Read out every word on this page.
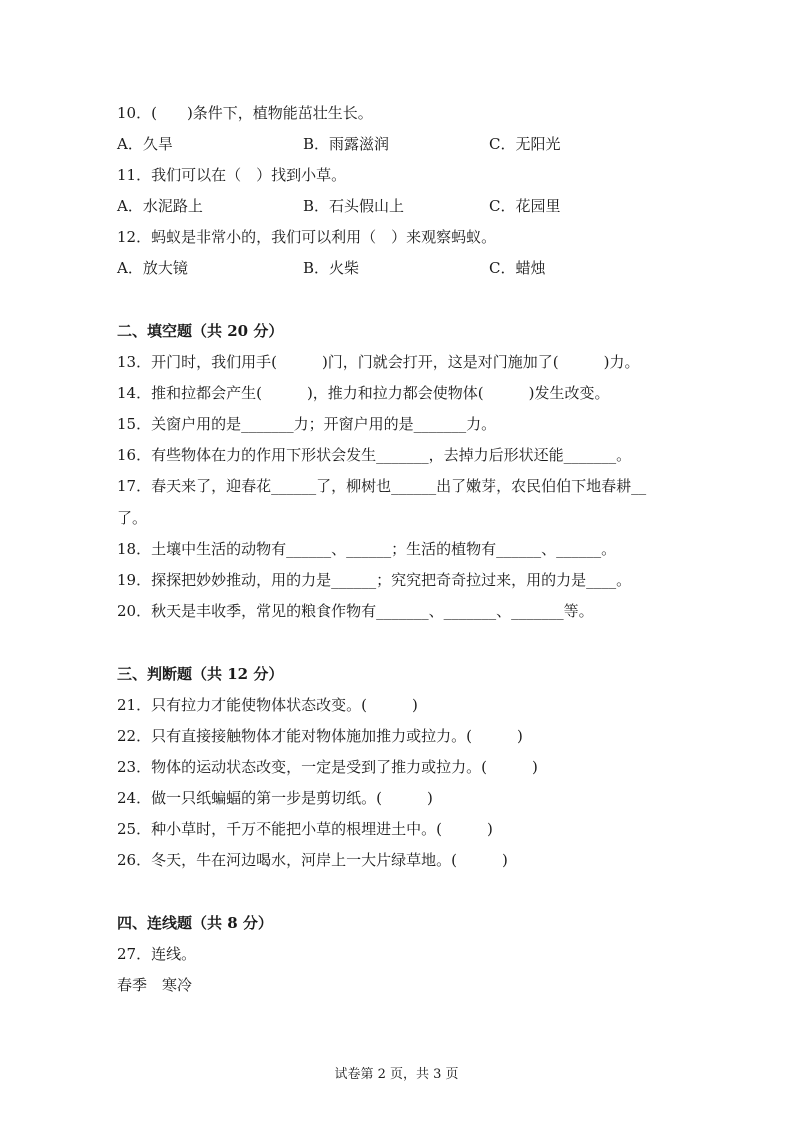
10．(　　)条件下，植物能茁壮生长。
A．久旱	B．雨露滋润	C．无阳光
11．我们可以在（　）找到小草。
A．水泥路上	B．石头假山上	C．花园里
12．蚂蚁是非常小的，我们可以利用（　）来观察蚂蚁。
A．放大镜	B．火柴	C．蜡烛
二、填空题（共 20 分）
13．开门时，我们用手(　　　)门，门就会打开，这是对门施加了(　　　)力。
14．推和拉都会产生(　　　)，推力和拉力都会使物体(　　　)发生改变。
15．关窗户用的是_______力；开窗户用的是_______力。
16．有些物体在力的作用下形状会发生_______，去掉力后形状还能_______。
17．春天来了，迎春花______了，柳树也______出了嫩芽，农民伯伯下地春耕__
了。
18．土壤中生活的动物有______、______；生活的植物有______、______。
19．探探把妙妙推动，用的力是______；究究把奇奇拉过来，用的力是____。
20．秋天是丰收季，常见的粮食作物有_______、_______、_______等。
三、判断题（共 12 分）
21．只有拉力才能使物体状态改变。(　　　)
22．只有直接接触物体才能对物体施加推力或拉力。(　　　)
23．物体的运动状态改变，一定是受到了推力或拉力。(　　　)
24．做一只纸蝙蝠的第一步是剪切纸。(　　　)
25．种小草时，千万不能把小草的根埋进土中。(　　　)
26．冬天，牛在河边喝水，河岸上一大片绿草地。(　　　)
四、连线题（共 8 分）
27．连线。
春季　寒冷
试卷第 2 页，共 3 页
